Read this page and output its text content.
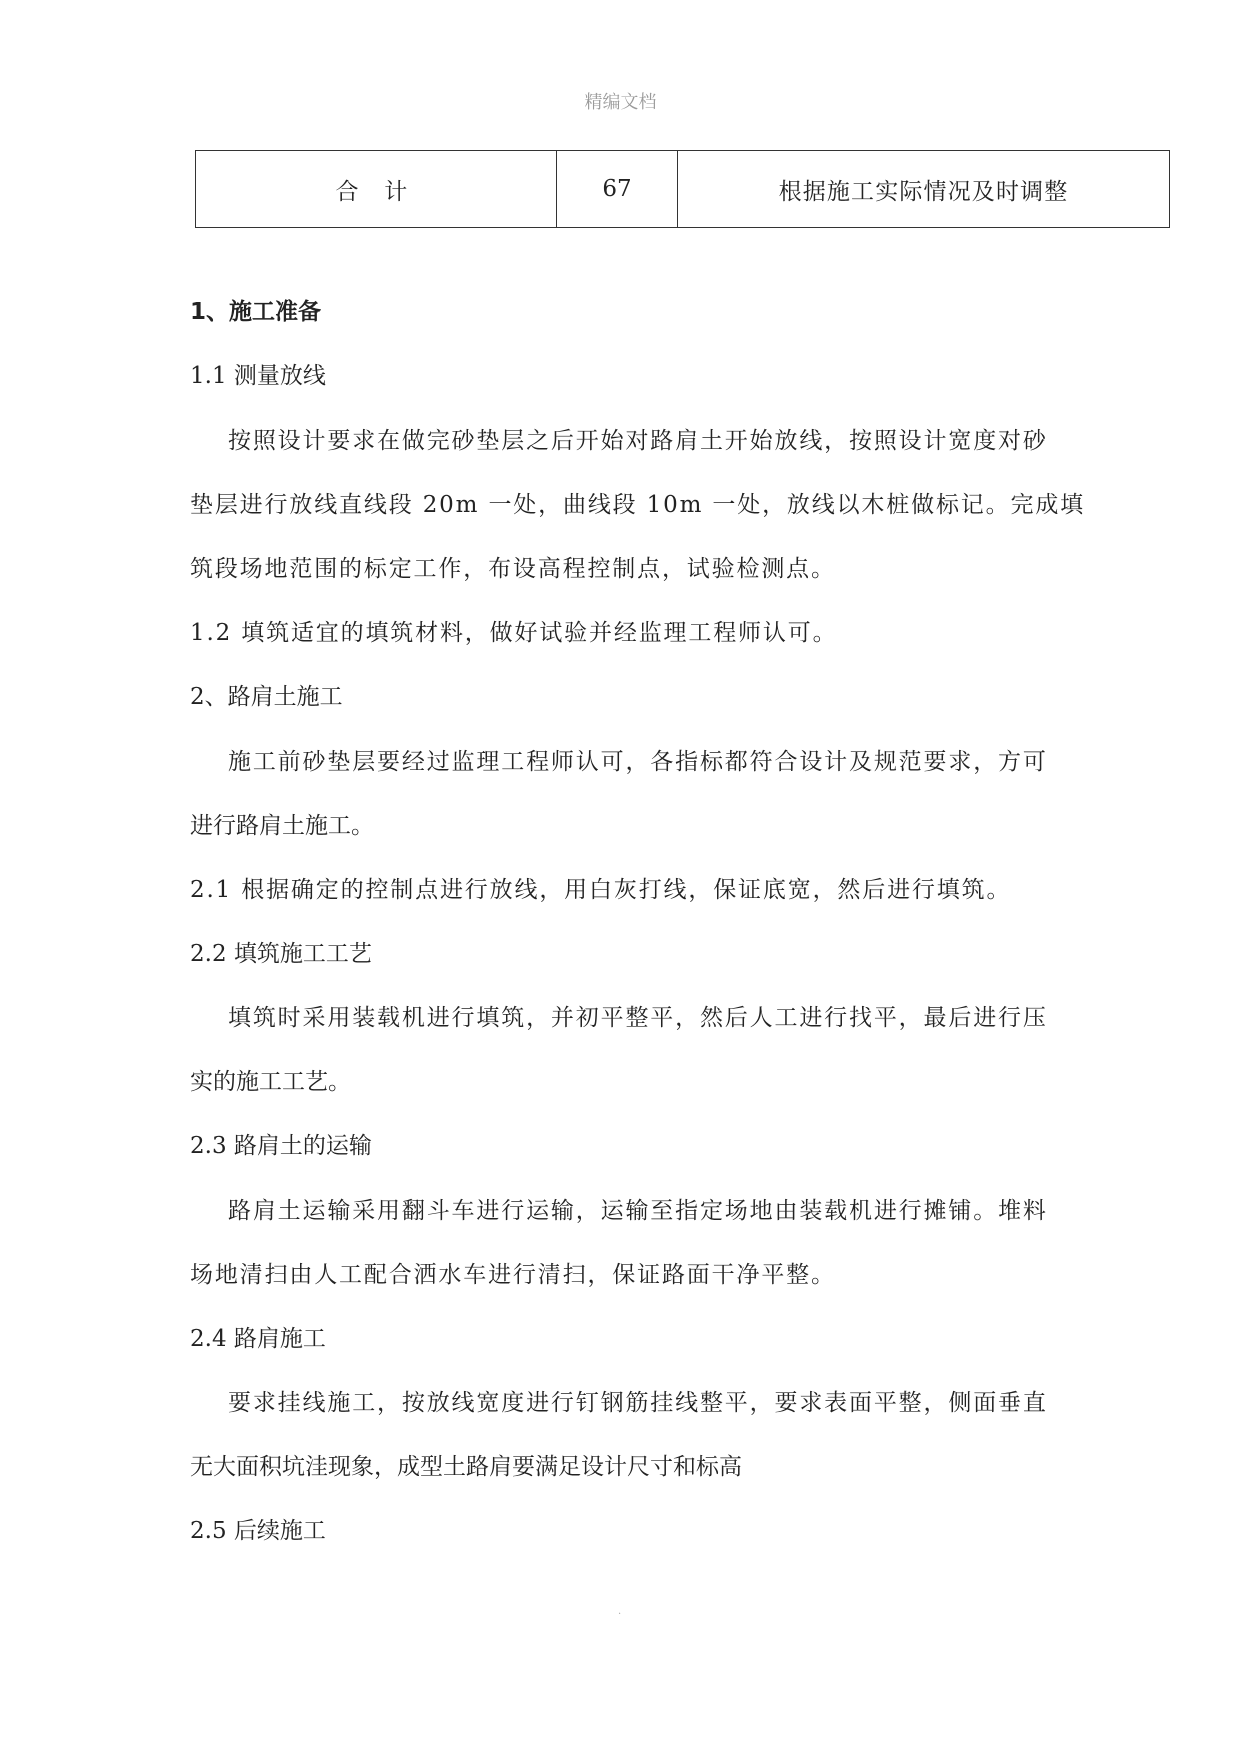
精编文档
合 计	67	根据施工实际情况及时调整
1、施工准备
1.1 测量放线
按照设计要求在做完砂垫层之后开始对路肩土开始放线，按照设计宽度对砂
垫层进行放线直线段 20m 一处，曲线段 10m 一处，放线以木桩做标记。完成填
筑段场地范围的标定工作，布设高程控制点，试验检测点。
1.2 填筑适宜的填筑材料，做好试验并经监理工程师认可。
2、路肩土施工
施工前砂垫层要经过监理工程师认可，各指标都符合设计及规范要求，方可
进行路肩土施工。
2.1 根据确定的控制点进行放线，用白灰打线，保证底宽，然后进行填筑。
2.2 填筑施工工艺
填筑时采用装载机进行填筑，并初平整平，然后人工进行找平，最后进行压
实的施工工艺。
2.3 路肩土的运输
路肩土运输采用翻斗车进行运输，运输至指定场地由装载机进行摊铺。堆料
场地清扫由人工配合洒水车进行清扫，保证路面干净平整。
2.4 路肩施工
要求挂线施工，按放线宽度进行钉钢筋挂线整平，要求表面平整，侧面垂直
无大面积坑洼现象，成型土路肩要满足设计尺寸和标高
2.5 后续施工
.
